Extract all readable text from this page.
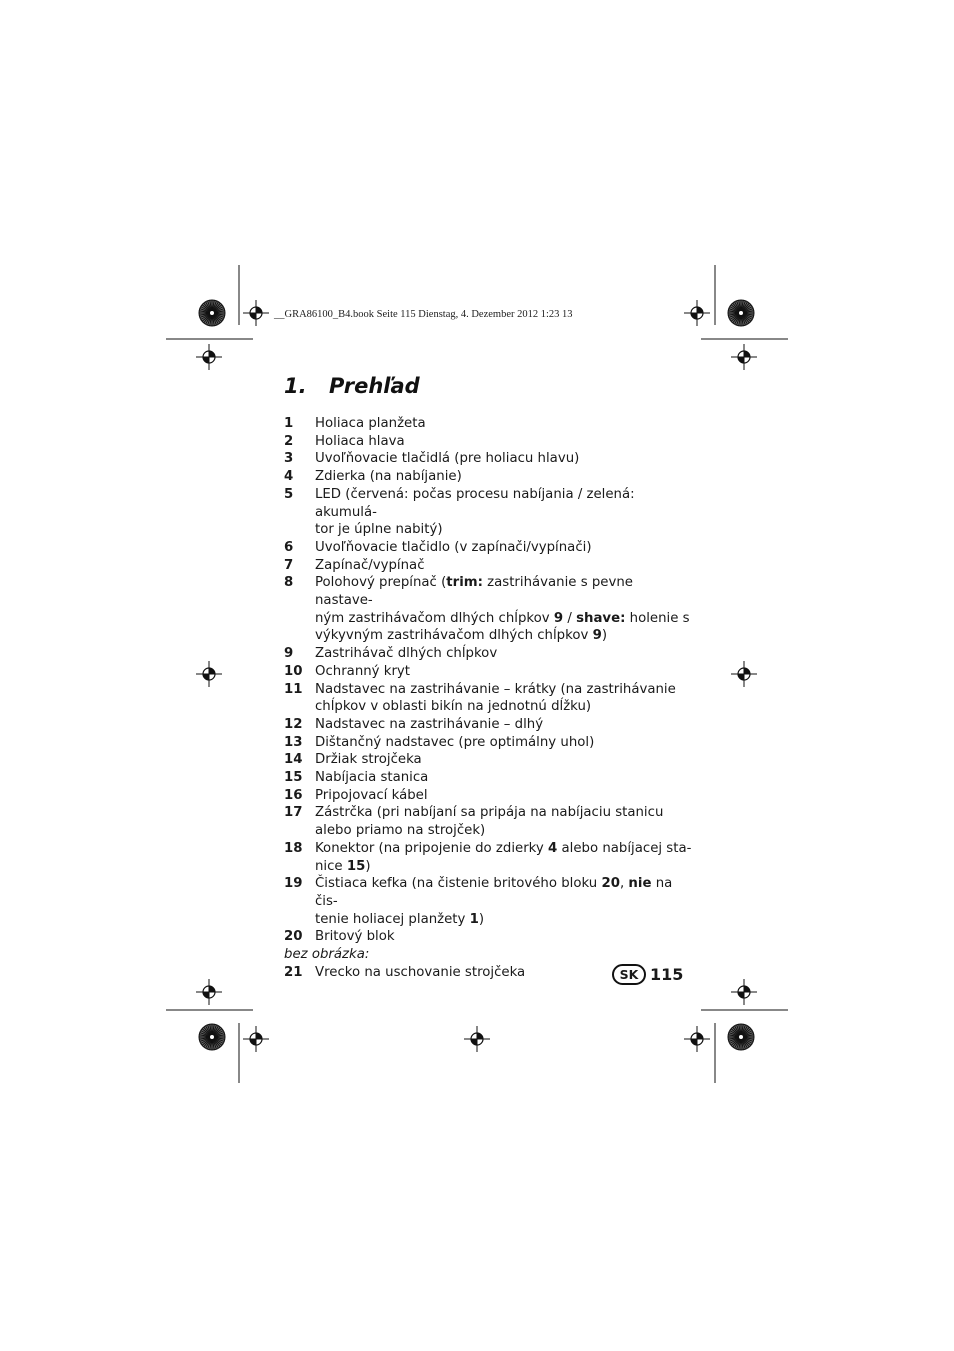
__GRA86100_B4.book Seite 115 Dienstag, 4. Dezember 2012 1:23 13
1. Prehľad
1 Holiaca planžeta
2 Holiaca hlava
3 Uvoľňovacie tlačidlá (pre holiacu hlavu)
4 Zdierka (na nabíjanie)
5 LED (červená: počas procesu nabíjania / zelená: akumulá-
tor je úplne nabitý)
6 Uvoľňovacie tlačidlo (v zapínači/vypínači)
7 Zapínač/vypínač
8 Polohový prepínač (trim: zastrihávanie s pevne nastave-
ným zastrihávačom dlhých chĺpkov 9 / shave: holenie s
výkyvným zastrihávačom dlhých chĺpkov 9)
9 Zastrihávač dlhých chĺpkov
10 Ochranný kryt
11 Nadstavec na zastrihávanie – krátky (na zastrihávanie
chĺpkov v oblasti bikín na jednotnú dĺžku)
12 Nadstavec na zastrihávanie – dlhý
13 Dištančný nadstavec (pre optimálny uhol)
14 Držiak strojčeka
15 Nabíjacia stanica
16 Pripojovací kábel
17 Zástrčka (pri nabíjaní sa pripája na nabíjaciu stanicu
alebo priamo na strojček)
18 Konektor (na pripojenie do zdierky 4 alebo nabíjacej sta-
nice 15)
19 Čistiaca kefka (na čistenie britového bloku 20, nie na čis-
tenie holiacej planžety 1)
20 Britový blok
bez obrázka:
21 Vrecko na uschovanie strojčeka	SK 115
